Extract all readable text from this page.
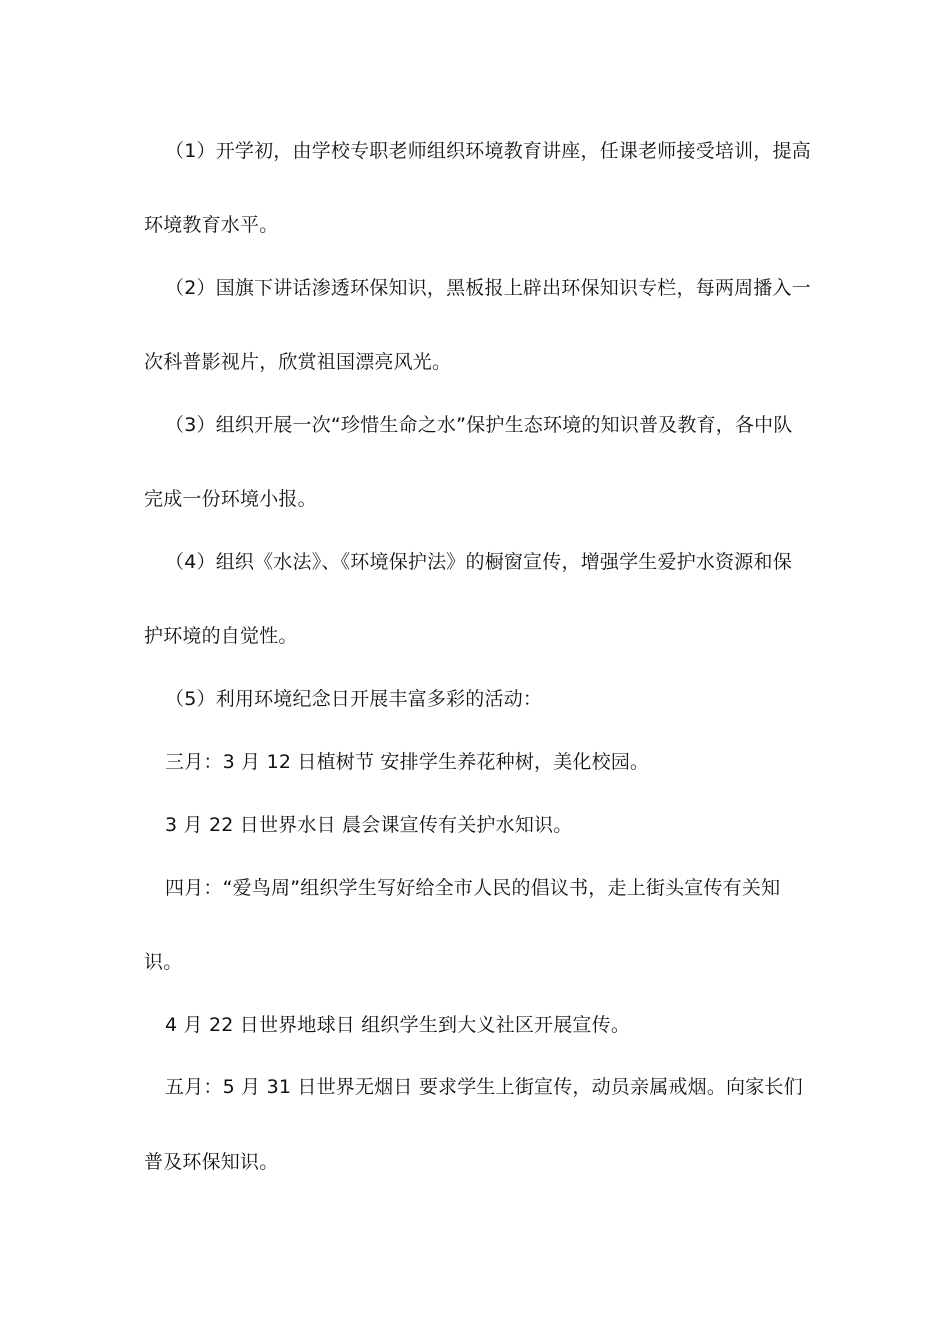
（1）开学初，由学校专职老师组织环境教育讲座，任课老师接受培训，提高
环境教育水平。
（2）国旗下讲话渗透环保知识，黑板报上辟出环保知识专栏，每两周播入一
次科普影视片，欣赏祖国漂亮风光。
（3）组织开展一次“珍惜生命之水”保护生态环境的知识普及教育，各中队
完成一份环境小报。
（4）组织《水法》、《环境保护法》的橱窗宣传，增强学生爱护水资源和保
护环境的自觉性。
（5）利用环境纪念日开展丰富多彩的活动：
三月：3 月 12 日植树节 安排学生养花种树，美化校园。
3 月 22 日世界水日 晨会课宣传有关护水知识。
四月：“爱鸟周”组织学生写好给全市人民的倡议书，走上街头宣传有关知
识。
4 月 22 日世界地球日 组织学生到大义社区开展宣传。
五月：5 月 31 日世界无烟日 要求学生上街宣传，动员亲属戒烟。向家长们
普及环保知识。
